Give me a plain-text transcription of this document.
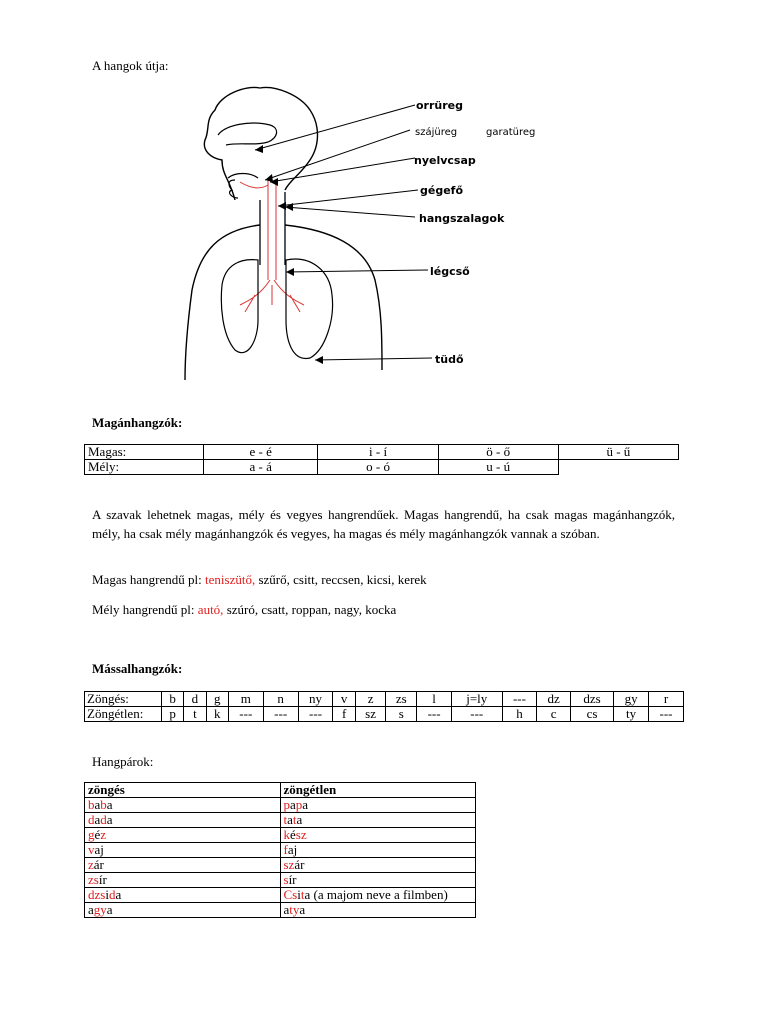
A hangok útja:
orrüreg
szájüreg	garatüreg
nyelvcsap
gégefő
hangszalagok
légcső
tüdő
Magánhangzók:
Magas:	e - é	i - í	ö - ő	ü - ű
Mély:	a - á	o - ó	u - ú	
A szavak lehetnek magas, mély és vegyes hangrendűek. Magas hangrendű, ha csak magas magánhangzók, mély, ha csak mély magánhangzók és vegyes, ha magas és mély magánhangzók vannak a szóban.
Magas hangrendű pl: teniszütő, szűrő, csitt, reccsen, kicsi, kerek
Mély hangrendű pl: autó, szúró, csatt, roppan, nagy, kocka
Mássalhangzók:
Zöngés:	b	d	g	m	n	ny	v	z	zs	l	j=ly	---	dz	dzs	gy	r
Zöngétlen:	p	t	k	---	---	---	f	sz	s	---	---	h	c	cs	ty	---
Hangpárok:
zöngés	zöngétlen
baba	papa
dada	tata
géz	kész
vaj	faj
zár	szár
zsír	sír
dzsida	Csita (a majom neve a filmben)
agya	atya
